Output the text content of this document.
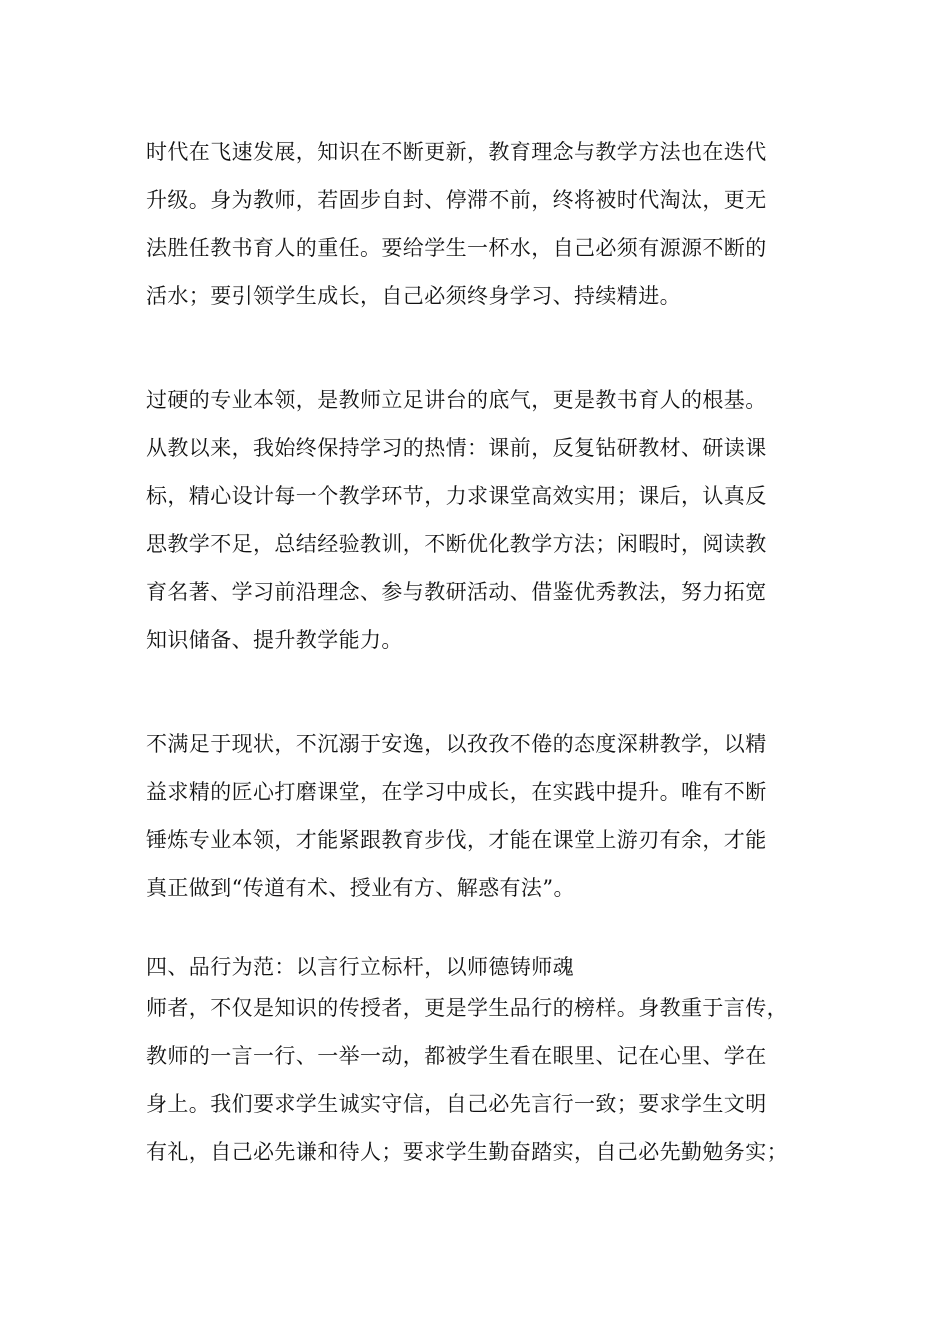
时代在飞速发展，知识在不断更新，教育理念与教学方法也在迭代
升级。身为教师，若固步自封、停滞不前，终将被时代淘汰，更无
法胜任教书育人的重任。要给学生一杯水，自己必须有源源不断的
活水；要引领学生成长，自己必须终身学习、持续精进。
过硬的专业本领，是教师立足讲台的底气，更是教书育人的根基。
从教以来，我始终保持学习的热情：课前，反复钻研教材、研读课
标，精心设计每一个教学环节，力求课堂高效实用；课后，认真反
思教学不足，总结经验教训，不断优化教学方法；闲暇时，阅读教
育名著、学习前沿理念、参与教研活动、借鉴优秀教法，努力拓宽
知识储备、提升教学能力。
不满足于现状，不沉溺于安逸，以孜孜不倦的态度深耕教学，以精
益求精的匠心打磨课堂，在学习中成长，在实践中提升。唯有不断
锤炼专业本领，才能紧跟教育步伐，才能在课堂上游刃有余，才能
真正做到“传道有术、授业有方、解惑有法”。
四、品行为范：以言行立标杆，以师德铸师魂
师者，不仅是知识的传授者，更是学生品行的榜样。身教重于言传，
教师的一言一行、一举一动，都被学生看在眼里、记在心里、学在
身上。我们要求学生诚实守信，自己必先言行一致；要求学生文明
有礼，自己必先谦和待人；要求学生勤奋踏实，自己必先勤勉务实；
